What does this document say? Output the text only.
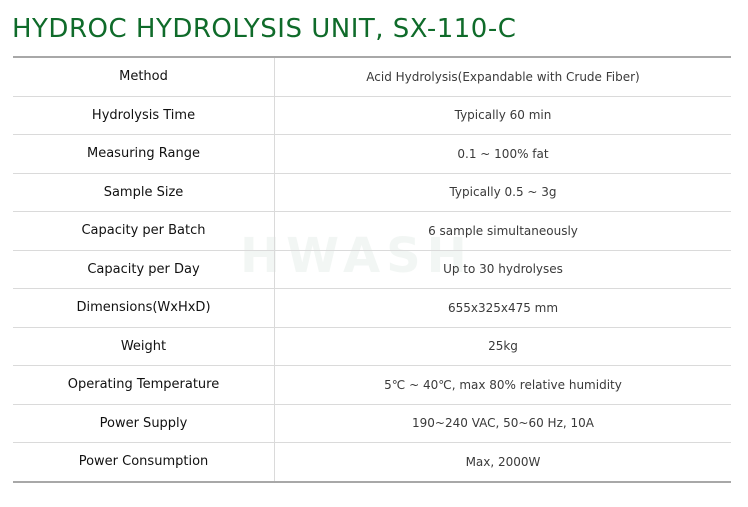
HYDROC HYDROLYSIS UNIT, SX-110-C
HWASH
Method	Acid Hydrolysis(Expandable with Crude Fiber)
Hydrolysis Time	Typically 60 min
Measuring Range	0.1 ~ 100% fat
Sample Size	Typically 0.5 ~ 3g
Capacity per Batch	6 sample simultaneously
Capacity per Day	Up to 30 hydrolyses
Dimensions(WxHxD)	655x325x475 mm
Weight	25kg
Operating Temperature	5℃ ~ 40℃, max 80% relative humidity
Power Supply	190~240 VAC, 50~60 Hz, 10A
Power Consumption	Max, 2000W
